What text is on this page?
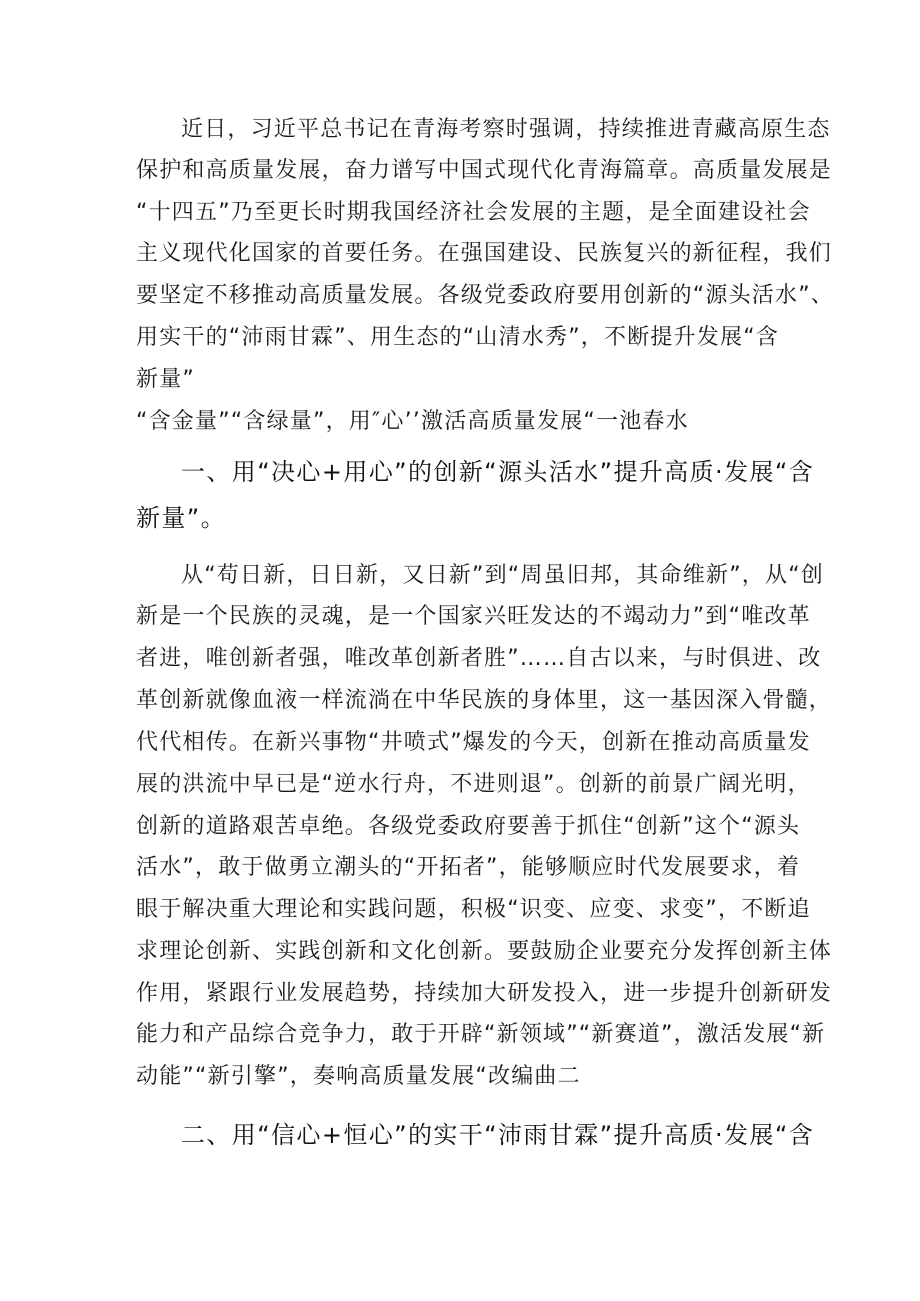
近日，习近平总书记在青海考察时强调，持续推进青藏高原生态
保护和高质量发展，奋力谱写中国式现代化青海篇章。高质量发展是
“十四五”乃至更长时期我国经济社会发展的主题，是全面建设社会
主义现代化国家的首要任务。在强国建设、民族复兴的新征程，我们
要坚定不移推动高质量发展。各级党委政府要用创新的“源头活水”、
用实干的“沛雨甘霖”、用生态的“山清水秀”，不断提升发展“含
新量”
“含金量”“含绿量”，用″心’’激活高质量发展“一池春水
一、用“决心+用心”的创新“源头活水”提升高质·发展“含
新量”。
从“苟日新，日日新，又日新”到“周虽旧邦，其命维新”，从“创
新是一个民族的灵魂，是一个国家兴旺发达的不竭动力”到“唯改革
者进，唯创新者强，唯改革创新者胜”……自古以来，与时俱进、改
革创新就像血液一样流淌在中华民族的身体里，这一基因深入骨髓，
代代相传。在新兴事物“井喷式”爆发的今天，创新在推动高质量发
展的洪流中早已是“逆水行舟，不进则退”。创新的前景广阔光明，
创新的道路艰苦卓绝。各级党委政府要善于抓住“创新”这个“源头
活水”，敢于做勇立潮头的“开拓者”，能够顺应时代发展要求，着
眼于解决重大理论和实践问题，积极“识变、应变、求变”，不断追
求理论创新、实践创新和文化创新。要鼓励企业要充分发挥创新主体
作用，紧跟行业发展趋势，持续加大研发投入，进一步提升创新研发
能力和产品综合竞争力，敢于开辟“新领域”“新赛道”，激活发展“新
动能”“新引擎”，奏响高质量发展“改编曲二
二、用“信心+恒心”的实干“沛雨甘霖”提升高质·发展“含
